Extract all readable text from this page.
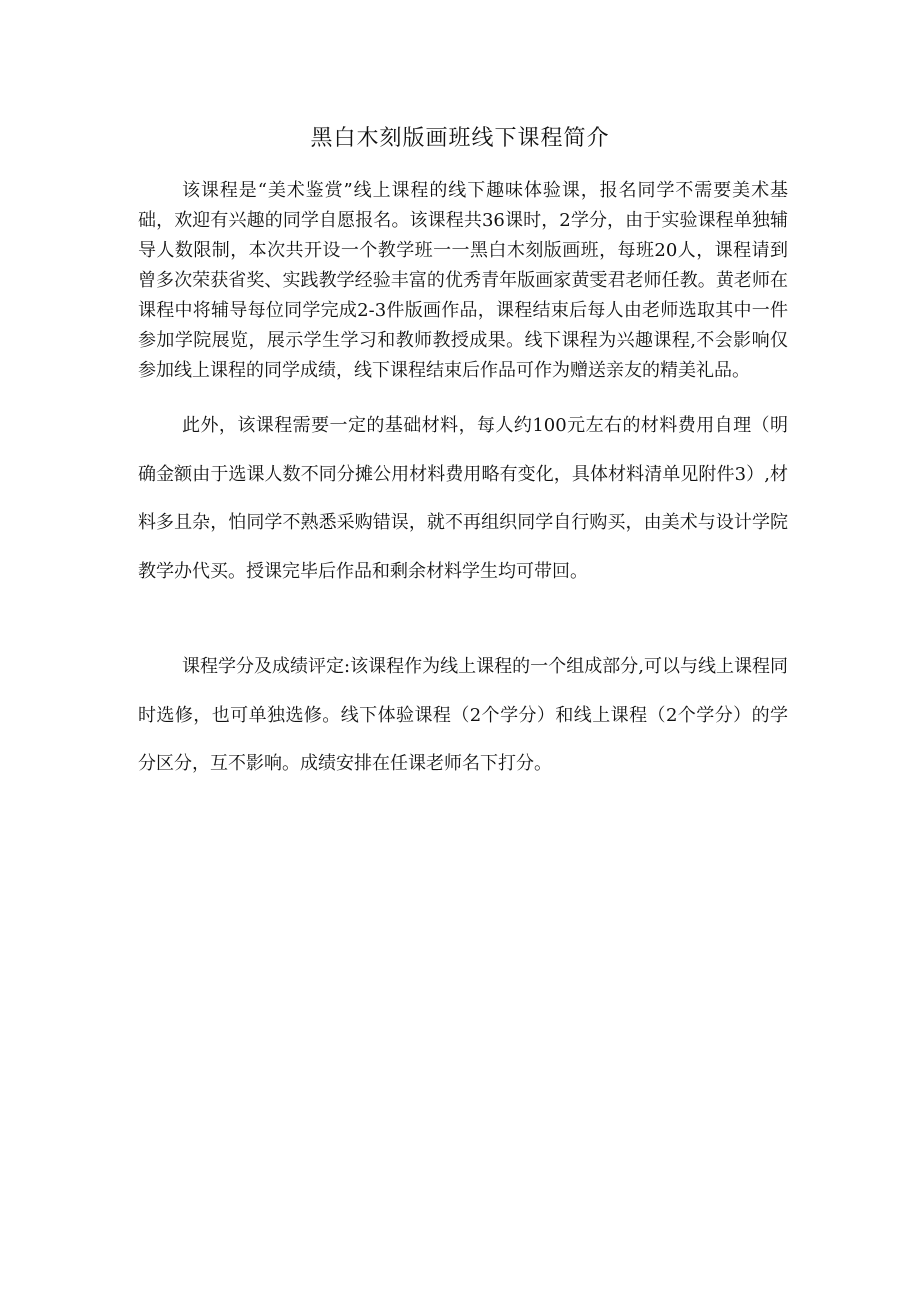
黑白木刻版画班线下课程简介

该课程是“美术鉴赏”线上课程的线下趣味体验课，报名同学不需要美术基础，欢迎有兴趣的同学自愿报名。该课程共36课时，2学分，由于实验课程单独辅导人数限制，本次共开设一个教学班一一黑白木刻版画班，每班20人，课程请到曾多次荣获省奖、实践教学经验丰富的优秀青年版画家黄雯君老师任教。黄老师在课程中将辅导每位同学完成2-3件版画作品，课程结束后每人由老师选取其中一件参加学院展览，展示学生学习和教师教授成果。线下课程为兴趣课程,不会影响仅参加线上课程的同学成绩，线下课程结束后作品可作为赠送亲友的精美礼品。

此外，该课程需要一定的基础材料，每人约100元左右的材料费用自理（明确金额由于选课人数不同分摊公用材料费用略有变化，具体材料清单见附件3）,材料多且杂，怕同学不熟悉采购错误，就不再组织同学自行购买，由美术与设计学院教学办代买。授课完毕后作品和剩余材料学生均可带回。

课程学分及成绩评定:该课程作为线上课程的一个组成部分,可以与线上课程同时选修，也可单独选修。线下体验课程（2个学分）和线上课程（2个学分）的学分区分，互不影响。成绩安排在任课老师名下打分。
